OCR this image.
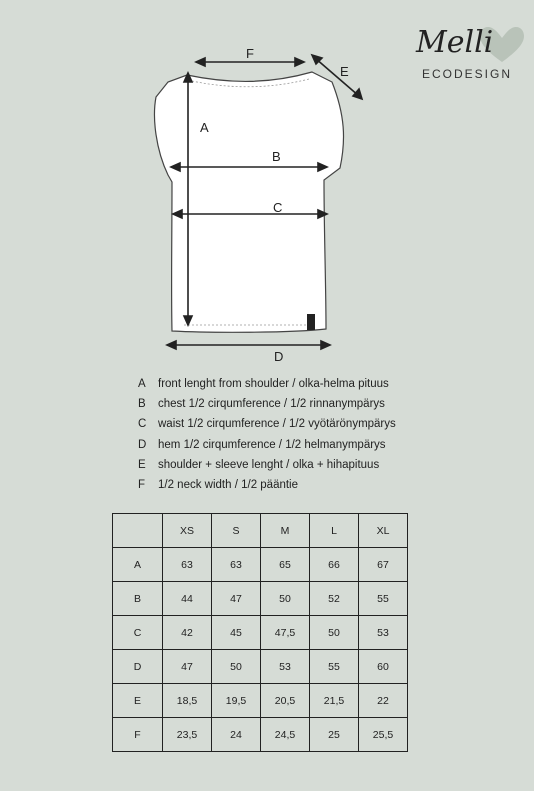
Melli
ECODESIGN
F
E
A
B
C
D
A	front lenght from shoulder / olka-helma pituus
B	chest 1/2 cirqumference / 1/2 rinnanympärys
C	waist 1/2 cirqumference / 1/2 vyötärönympärys
D	hem 1/2 cirqumference / 1/2 helmanympärys
E	shoulder + sleeve lenght / olka + hihapituus
F	1/2 neck width / 1/2 pääntie
	XS	S	M	L	XL
A	63	63	65	66	67
B	44	47	50	52	55
C	42	45	47,5	50	53
D	47	50	53	55	60
E	18,5	19,5	20,5	21,5	22
F	23,5	24	24,5	25	25,5
